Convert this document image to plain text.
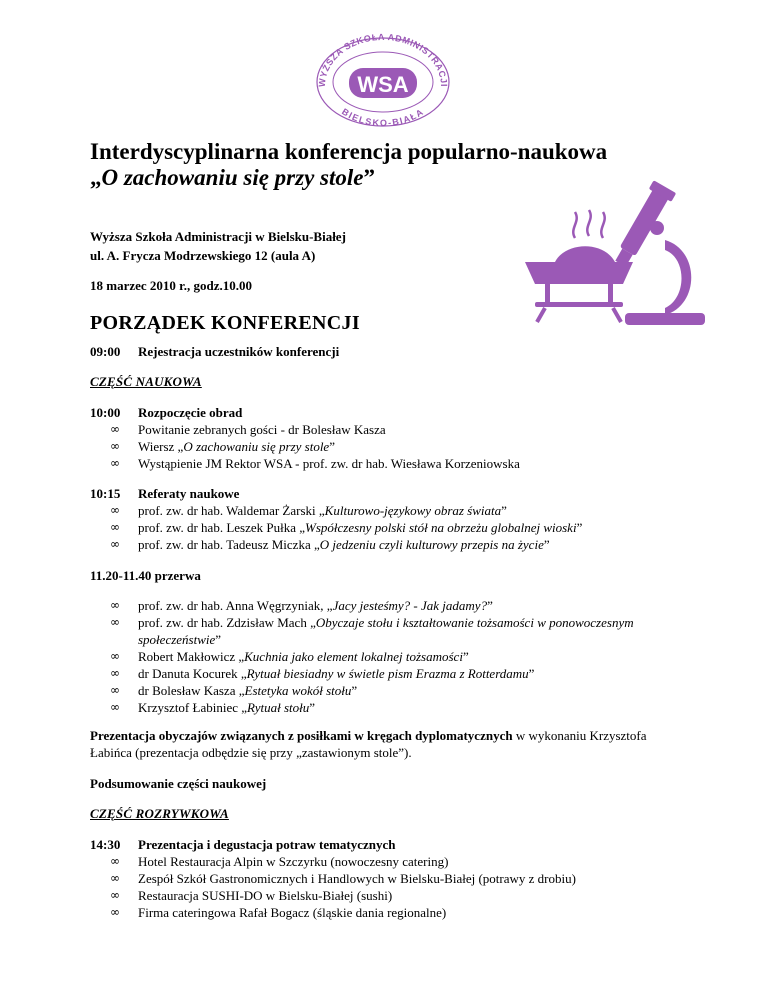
WYŻSZA SZKOŁA ADMINISTRACJI
BIELSKO-BIAŁA
WSA
Interdyscyplinarna konferencja popularno-naukowa
„O zachowaniu się przy stole”
Wyższa Szkoła Administracji w Bielsku-Białej
ul. A. Frycza Modrzewskiego 12 (aula A)
18 marzec 2010 r., godz.10.00
PORZĄDEK KONFERENCJI
09:00 Rejestracja uczestników konferencji
CZĘŚĆ NAUKOWA
10:00 Rozpoczęcie obrad
∞ Powitanie zebranych gości - dr Bolesław Kasza
∞ Wiersz „O zachowaniu się przy stole”
∞ Wystąpienie JM Rektor WSA - prof. zw. dr hab. Wiesława Korzeniowska
10:15 Referaty naukowe
∞ prof. zw. dr hab. Waldemar Żarski „Kulturowo-językowy obraz świata”
∞ prof. zw. dr hab. Leszek Pułka „Współczesny polski stół na obrzeżu globalnej wioski”
∞ prof. zw. dr hab. Tadeusz Miczka „O jedzeniu czyli kulturowy przepis na życie”
11.20-11.40 przerwa
∞ prof. zw. dr hab. Anna Węgrzyniak, „Jacy jesteśmy? - Jak jadamy?”
∞ prof. zw. dr hab. Zdzisław Mach „Obyczaje stołu i kształtowanie tożsamości w ponowoczesnym społeczeństwie”
∞ Robert Makłowicz „Kuchnia jako element lokalnej tożsamości”
∞ dr Danuta Kocurek „Rytuał biesiadny w świetle pism Erazma z Rotterdamu”
∞ dr Bolesław Kasza „Estetyka wokół stołu”
∞ Krzysztof Łabiniec „Rytuał stołu”
Prezentacja obyczajów związanych z posiłkami w kręgach dyplomatycznych w wykonaniu Krzysztofa Łabińca (prezentacja odbędzie się przy „zastawionym stole”).
Podsumowanie części naukowej
CZĘŚĆ ROZRYWKOWA
14:30 Prezentacja i degustacja potraw tematycznych
∞ Hotel Restauracja Alpin w Szczyrku (nowoczesny catering)
∞ Zespół Szkół Gastronomicznych i Handlowych w Bielsku-Białej (potrawy z drobiu)
∞ Restauracja SUSHI-DO w Bielsku-Białej (sushi)
∞ Firma cateringowa Rafał Bogacz (śląskie dania regionalne)
